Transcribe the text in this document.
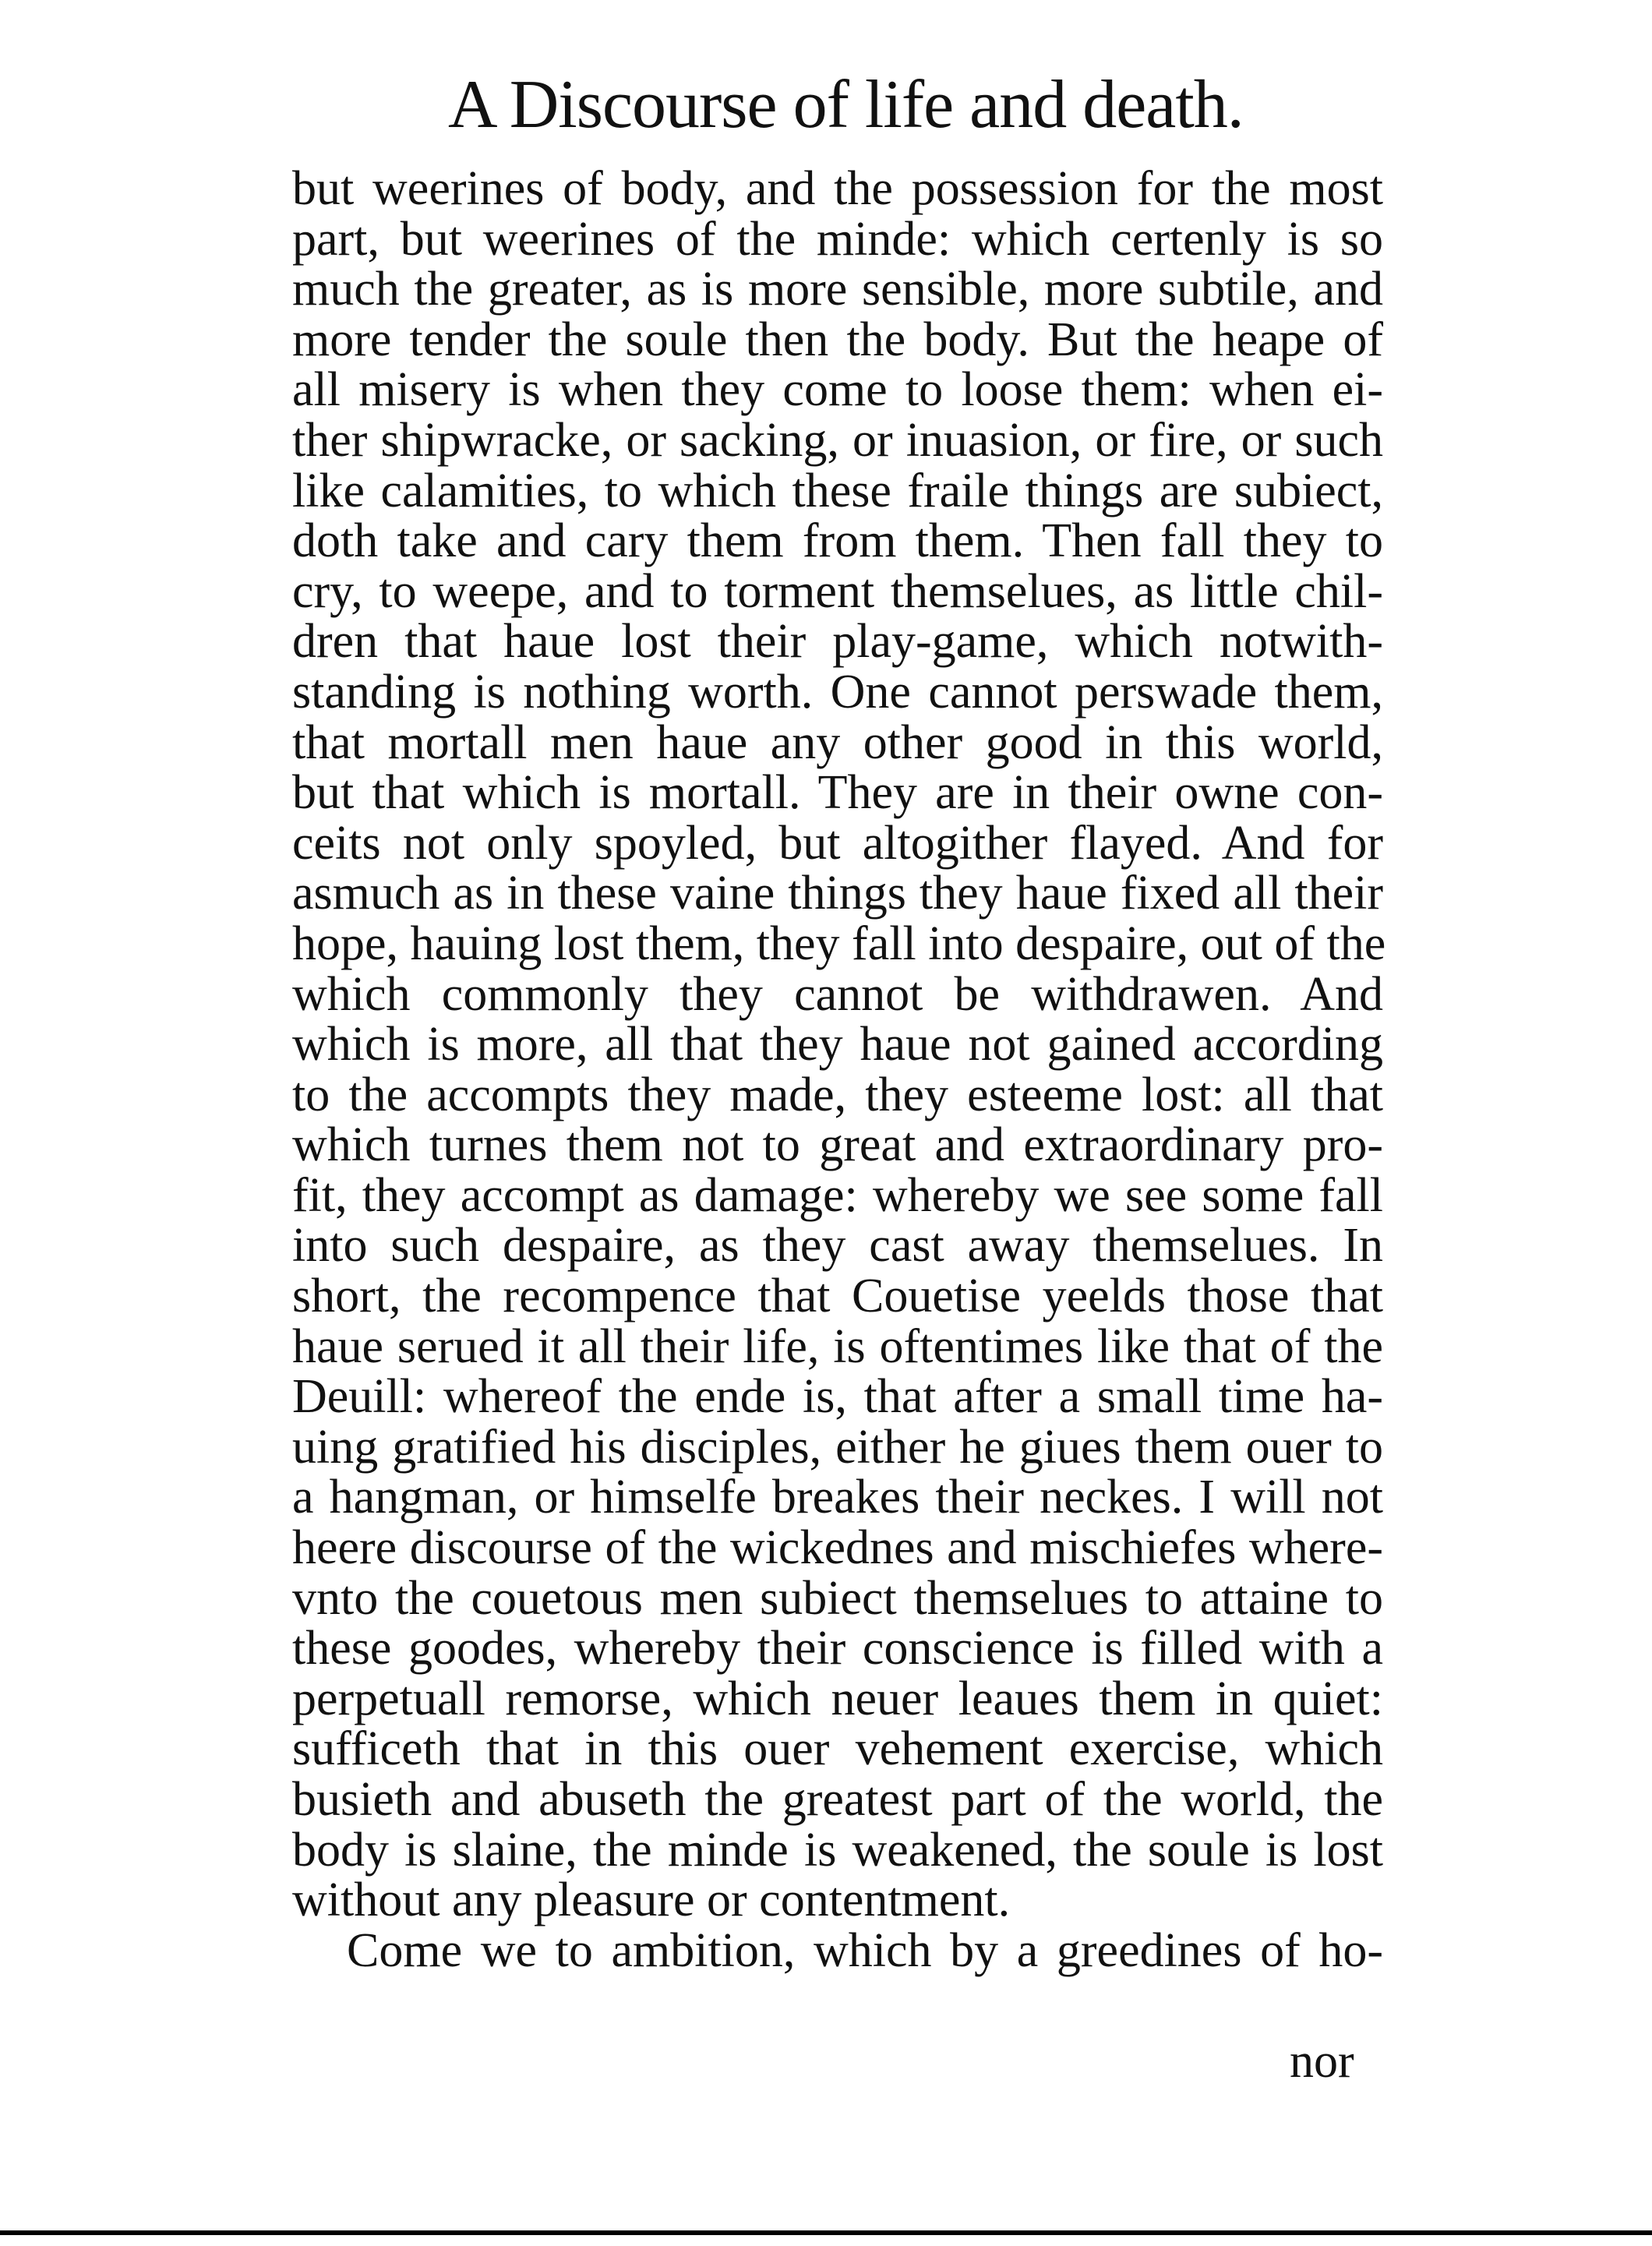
A Discourse of life and death.
but weerines of body, and the possession for the most
part, but weerines of the minde: which certenly is so
much the greater, as is more sensible, more subtile, and
more tender the soule then the body. But the heape of
all misery is when they come to loose them: when ei-
ther shipwracke, or sacking, or inuasion, or fire, or such
like calamities, to which these fraile things are subiect,
doth take and cary them from them. Then fall they to
cry, to weepe, and to torment themselues, as little chil-
dren that haue lost their play-game, which notwith-
standing is nothing worth. One cannot perswade them,
that mortall men haue any other good in this world,
but that which is mortall. They are in their owne con-
ceits not only spoyled, but altogither flayed. And for
asmuch as in these vaine things they haue fixed all their
hope, hauing lost them, they fall into despaire, out of the
which commonly they cannot be withdrawen. And
which is more, all that they haue not gained according
to the accompts they made, they esteeme lost: all that
which turnes them not to great and extraordinary pro-
fit, they accompt as damage: whereby we see some fall
into such despaire, as they cast away themselues. In
short, the recompence that Couetise yeelds those that
haue serued it all their life, is oftentimes like that of the
Deuill: whereof the ende is, that after a small time ha-
uing gratified his disciples, either he giues them ouer to
a hangman, or himselfe breakes their neckes. I will not
heere discourse of the wickednes and mischiefes where-
vnto the couetous men subiect themselues to attaine to
these goodes, whereby their conscience is filled with a
perpetuall remorse, which neuer leaues them in quiet:
sufficeth that in this ouer vehement exercise, which
busieth and abuseth the greatest part of the world, the
body is slaine, the minde is weakened, the soule is lost
without any pleasure or contentment.
Come we to ambition, which by a greedines of ho-
nor
